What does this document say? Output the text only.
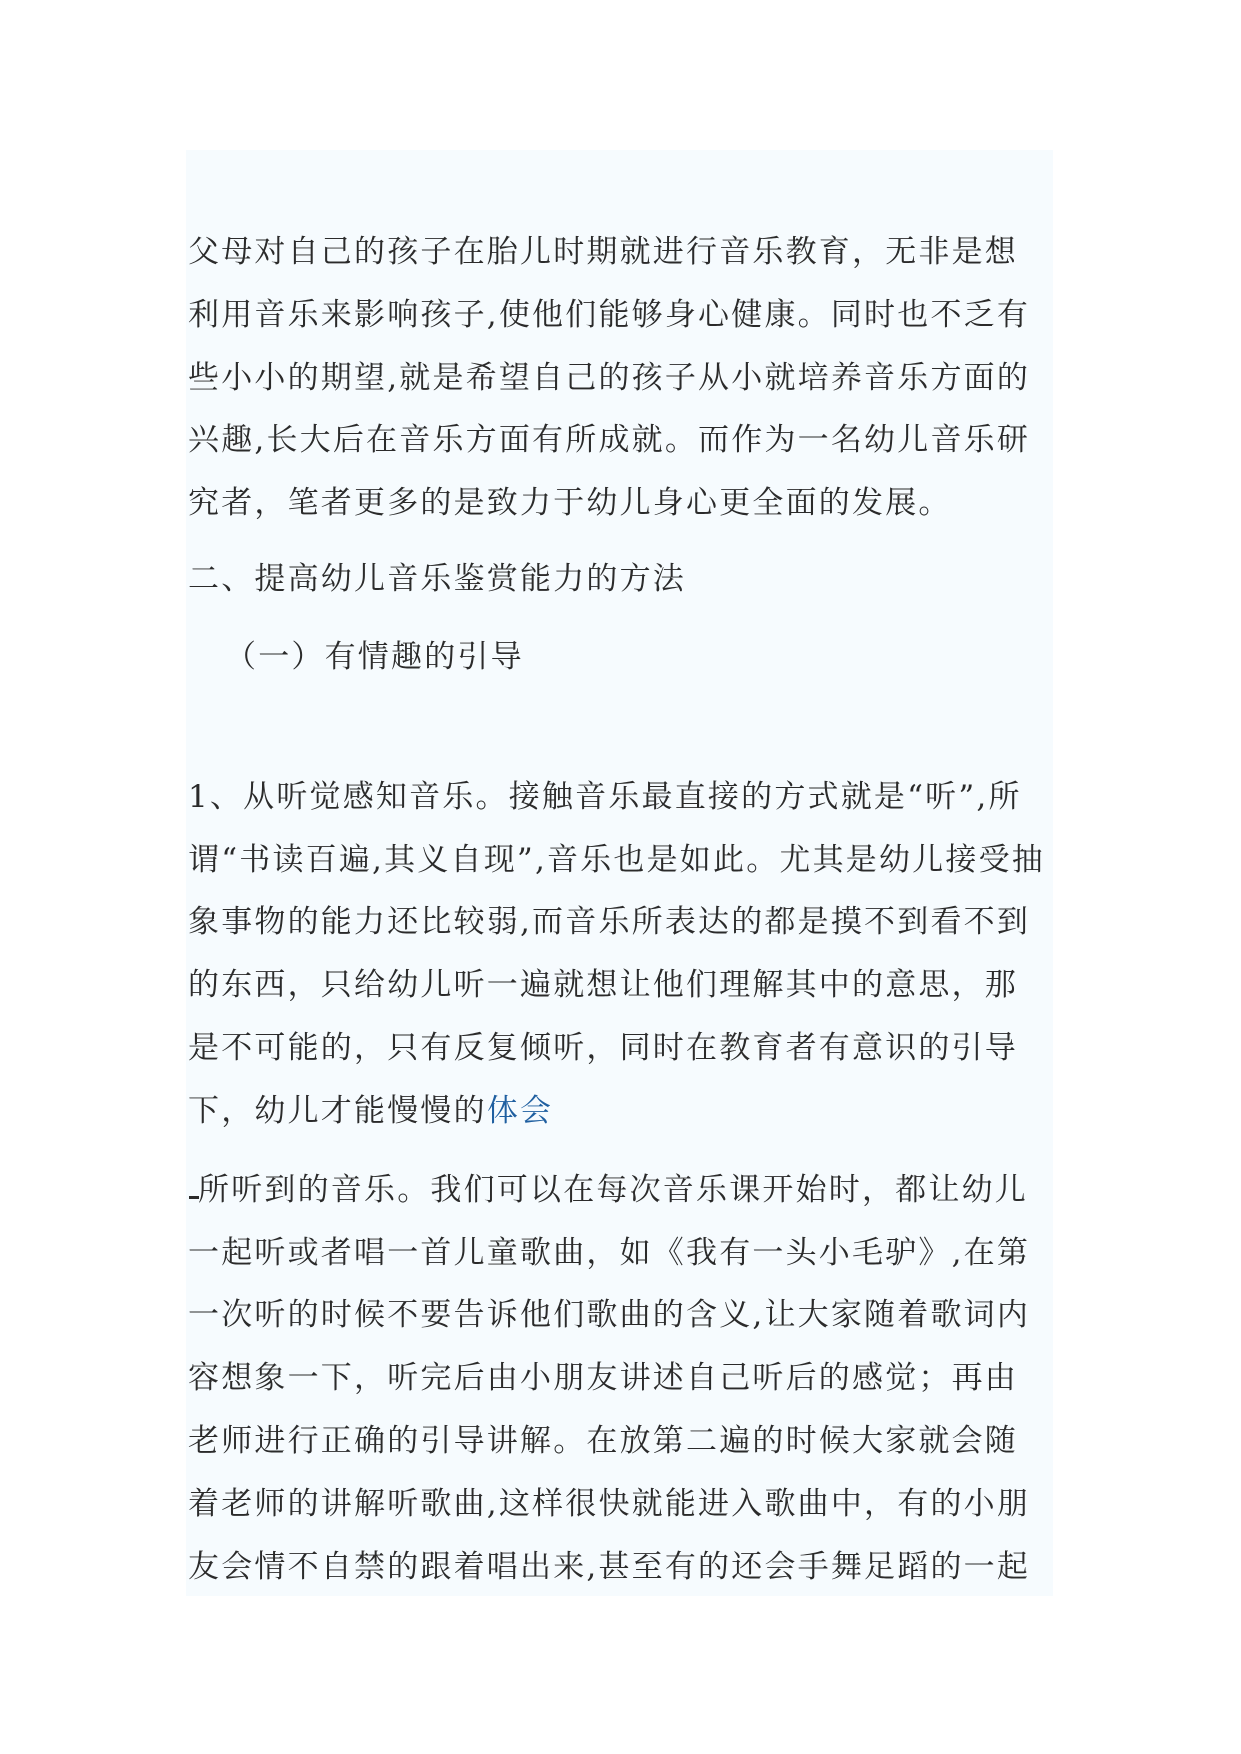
父母对自己的孩子在胎儿时期就进行音乐教育，无非是想
利用音乐来影响孩子,使他们能够身心健康。同时也不乏有
些小小的期望,就是希望自己的孩子从小就培养音乐方面的
兴趣,长大后在音乐方面有所成就。而作为一名幼儿音乐研
究者，笔者更多的是致力于幼儿身心更全面的发展。
二、提高幼儿音乐鉴赏能力的方法
（一）有情趣的引导
1、从听觉感知音乐。接触音乐最直接的方式就是“听”,所
谓“书读百遍,其义自现”,音乐也是如此。尤其是幼儿接受抽
象事物的能力还比较弱,而音乐所表达的都是摸不到看不到
的东西，只给幼儿听一遍就想让他们理解其中的意思，那
是不可能的，只有反复倾听，同时在教育者有意识的引导
下，幼儿才能慢慢的体会
所听到的音乐。我们可以在每次音乐课开始时，都让幼儿
一起听或者唱一首儿童歌曲，如《我有一头小毛驴》,在第
一次听的时候不要告诉他们歌曲的含义,让大家随着歌词内
容想象一下，听完后由小朋友讲述自己听后的感觉；再由
老师进行正确的引导讲解。在放第二遍的时候大家就会随
着老师的讲解听歌曲,这样很快就能进入歌曲中，有的小朋
友会情不自禁的跟着唱出来,甚至有的还会手舞足蹈的一起
